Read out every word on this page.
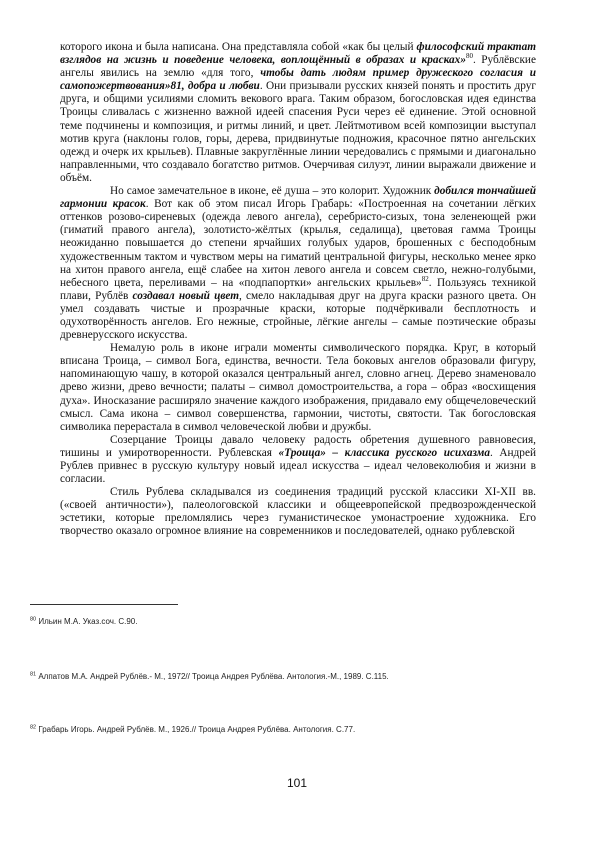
которого икона и была написана. Она представляла собой «как бы целый философский трактат взглядов на жизнь и поведение человека, воплощённый в образах и красках»$^{80}$. Рублёвские ангелы явились на землю «для того, чтобы дать людям пример дружеского согласия и самопожертвования»81, добра и любви. Они призывали русских князей понять и простить друг друга, и общими усилиями сломить векового врага. Таким образом, богословская идея единства Троицы сливалась с жизненно важной идеей спасения Руси через её единение. Этой основной теме подчинены и композиция, и ритмы линий, и цвет. Лейтмотивом всей композиции выступал мотив круга (наклоны голов, горы, дерева, придвинутые подножия, красочное пятно ангельских одежд и очерк их крыльев). Плавные закруглённые линии чередовались с прямыми и диагонально направленными, что создавало богатство ритмов. Очерчивая силуэт, линии выражали движение и объём.

Но самое замечательное в иконе, её душа – это колорит. Художник добился тончайшей гармонии красок. Вот как об этом писал Игорь Грабарь: «Построенная на сочетании лёгких оттенков розово-сиреневых (одежда левого ангела), серебристо-сизых, тона зеленеющей ржи (гиматий правого ангела), золотисто-жёлтых (крылья, седалища), цветовая гамма Троицы неожиданно повышается до степени ярчайших голубых ударов, брошенных с бесподобным художественным тактом и чувством меры на гиматий центральной фигуры, несколько менее ярко на хитон правого ангела, ещё слабее на хитон левого ангела и совсем светло, нежно-голубыми, небесного цвета, переливами – на «подпапортки» ангельских крыльев»$^{82}$. Пользуясь техникой плави, Рублёв создавал новый цвет, смело накладывая друг на друга краски разного цвета. Он умел создавать чистые и прозрачные краски, которые подчёркивали бесплотность и одухотворённость ангелов. Его нежные, стройные, лёгкие ангелы – самые поэтические образы древнерусского искусства.

Немалую роль в иконе играли моменты символического порядка. Круг, в который вписана Троица, – символ Бога, единства, вечности. Тела боковых ангелов образовали фигуру, напоминающую чашу, в которой оказался центральный ангел, словно агнец. Дерево знаменовало древо жизни, древо вечности; палаты – символ домостроительства, а гора – образ «восхищения духа». Иносказание расширяло значение каждого изображения, придавало ему общечеловеческий смысл. Сама икона – символ совершенства, гармонии, чистоты, святости. Так богословская символика перерастала в символ человеческой любви и дружбы.

Созерцание Троицы давало человеку радость обретения душевного равновесия, тишины и умиротворенности. Рублевская «Троица» – классика русского исихазма. Андрей Рублев привнес в русскую культуру новый идеал искусства – идеал человеколюбия и жизни в согласии.

Стиль Рублева складывался из соединения традиций русской классики XI-XII вв. («своей античности»), палеологовской классики и общеевропейской предвозрожденческой эстетики, которые преломлялись через гуманистическое умонастроение художника. Его творчество оказало огромное влияние на современников и последователей, однако рублевской

$^{80}$ Ильин М.А. Указ.соч. С.90.
$^{81}$ Алпатов М.А. Андрей Рублёв.- М., 1972// Троица Андрея Рублёва. Антология.-М., 1989. С.115.
$^{82}$ Грабарь Игорь. Андрей Рублёв. М., 1926.// Троица Андрея Рублёва. Антология. С.77.
101
